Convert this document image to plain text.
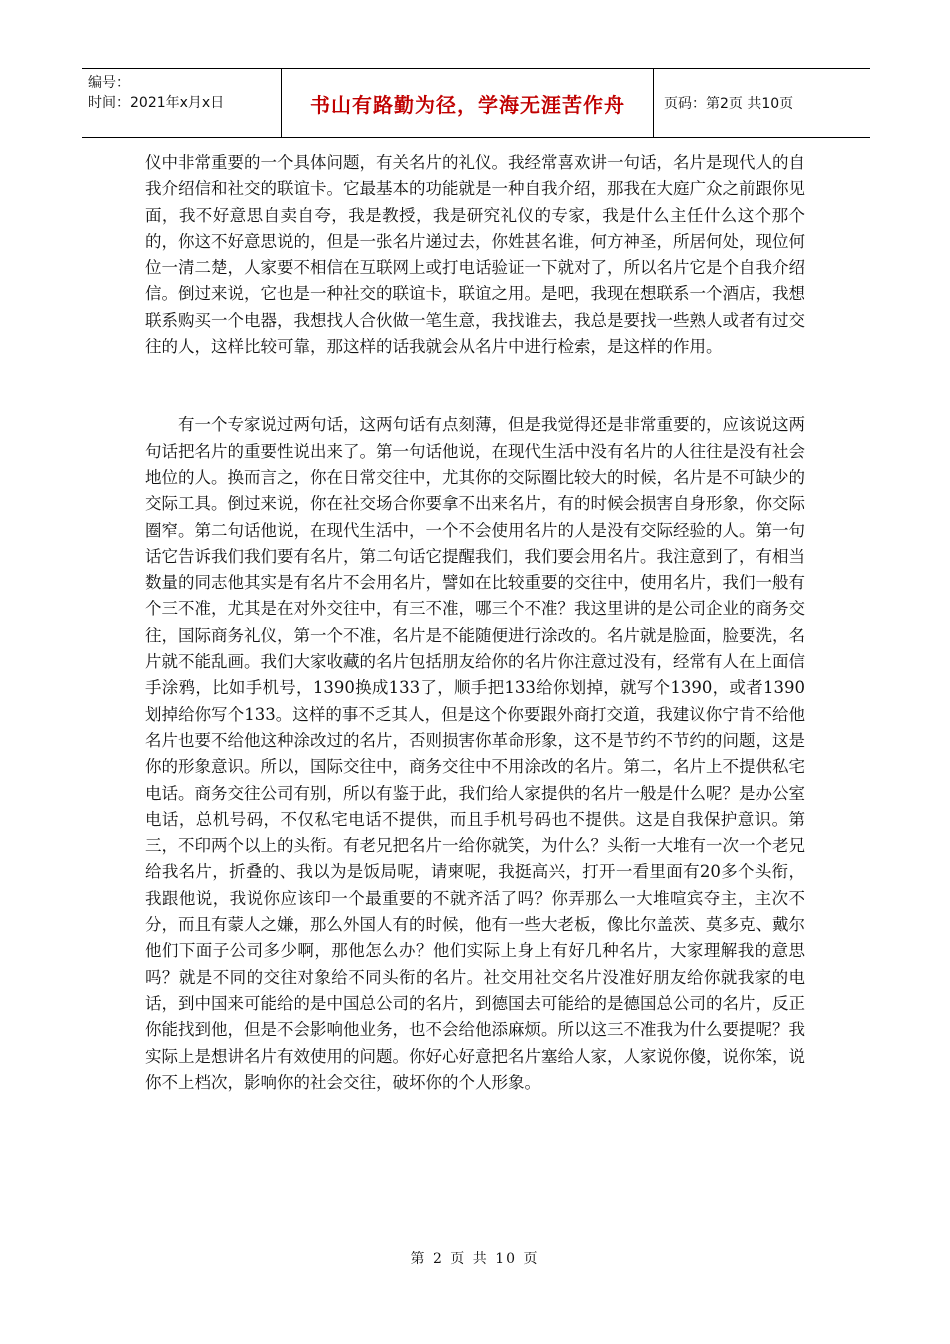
编号：
时间：2021年x月x日	书山有路勤为径，学海无涯苦作舟	页码：第2页 共10页

仪中非常重要的一个具体问题，有关名片的礼仪。我经常喜欢讲一句话，名片是现代人的自我介绍信和社交的联谊卡。它最基本的功能就是一种自我介绍，那我在大庭广众之前跟你见面，我不好意思自卖自夸，我是教授，我是研究礼仪的专家，我是什么主任什么这个那个的，你这不好意思说的，但是一张名片递过去，你姓甚名谁，何方神圣，所居何处，现位何位一清二楚，人家要不相信在互联网上或打电话验证一下就对了，所以名片它是个自我介绍信。倒过来说，它也是一种社交的联谊卡，联谊之用。是吧，我现在想联系一个酒店，我想联系购买一个电器，我想找人合伙做一笔生意，我找谁去，我总是要找一些熟人或者有过交往的人，这样比较可靠，那这样的话我就会从名片中进行检索，是这样的作用。

有一个专家说过两句话，这两句话有点刻薄，但是我觉得还是非常重要的，应该说这两句话把名片的重要性说出来了。第一句话他说，在现代生活中没有名片的人往往是没有社会地位的人。换而言之，你在日常交往中，尤其你的交际圈比较大的时候，名片是不可缺少的交际工具。倒过来说，你在社交场合你要拿不出来名片，有的时候会损害自身形象，你交际圈窄。第二句话他说，在现代生活中，一个不会使用名片的人是没有交际经验的人。第一句话它告诉我们我们要有名片，第二句话它提醒我们，我们要会用名片。我注意到了，有相当数量的同志他其实是有名片不会用名片，譬如在比较重要的交往中，使用名片，我们一般有个三不准，尤其是在对外交往中，有三不准，哪三个不准？我这里讲的是公司企业的商务交往，国际商务礼仪，第一个不准，名片是不能随便进行涂改的。名片就是脸面，脸要洗，名片就不能乱画。我们大家收藏的名片包括朋友给你的名片你注意过没有，经常有人在上面信手涂鸦，比如手机号，1390换成133了，顺手把133给你划掉，就写个1390，或者1390划掉给你写个133。这样的事不乏其人，但是这个你要跟外商打交道，我建议你宁肯不给他名片也要不给他这种涂改过的名片，否则损害你革命形象，这不是节约不节约的问题，这是你的形象意识。所以，国际交往中，商务交往中不用涂改的名片。第二，名片上不提供私宅电话。商务交往公司有别，所以有鉴于此，我们给人家提供的名片一般是什么呢？是办公室电话，总机号码，不仅私宅电话不提供，而且手机号码也不提供。这是自我保护意识。第三，不印两个以上的头衔。有老兄把名片一给你就笑，为什么？头衔一大堆有一次一个老兄给我名片，折叠的、我以为是饭局呢，请柬呢，我挺高兴，打开一看里面有20多个头衔，我跟他说，我说你应该印一个最重要的不就齐活了吗？你弄那么一大堆喧宾夺主，主次不分，而且有蒙人之嫌，那么外国人有的时候，他有一些大老板，像比尔盖茨、莫多克、戴尔他们下面子公司多少啊，那他怎么办？他们实际上身上有好几种名片，大家理解我的意思吗？就是不同的交往对象给不同头衔的名片。社交用社交名片没准好朋友给你就我家的电话，到中国来可能给的是中国总公司的名片，到德国去可能给的是德国总公司的名片，反正你能找到他，但是不会影响他业务，也不会给他添麻烦。所以这三不准我为什么要提呢？我实际上是想讲名片有效使用的问题。你好心好意把名片塞给人家，人家说你傻，说你笨，说你不上档次，影响你的社会交往，破坏你的个人形象。

第 2 页 共 10 页
